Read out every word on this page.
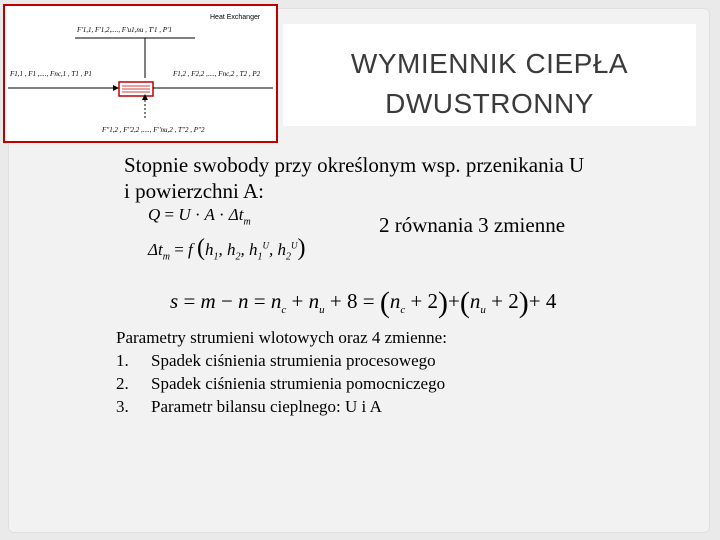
WYMIENNIK CIEPŁA
DWUSTRONNY
Heat Exchanger
F'1,1, F'1,2,...., F'u1,nu , T'1 , P'1
F1,1 , F1 ,...., Fnc,1 , T1 , P1	F1,2 , F2,2 ,...., Fnc,2 , T2 , P2
F''1,2 , F''2,2 ,...., F''nu,2 , T''2 , P''2
Stopnie swobody przy określonym wsp. przenikania U
i powierzchni A:
$Q = U \cdot A \cdot \Delta t_m$
$\Delta t_m = f$ ($h_1$, $h_2$, $h_1^U$, $h_2^U$)
2 równania 3 zmienne
$s = m - n = n_c + n_u + 8 = (n_c + 2)+(n_u + 2)+ 4$
Parametry strumieni wlotowych oraz 4 zmienne:
1.	Spadek ciśnienia strumienia procesowego
2.	Spadek ciśnienia strumienia pomocniczego
3.	Parametr bilansu cieplnego: U i A
